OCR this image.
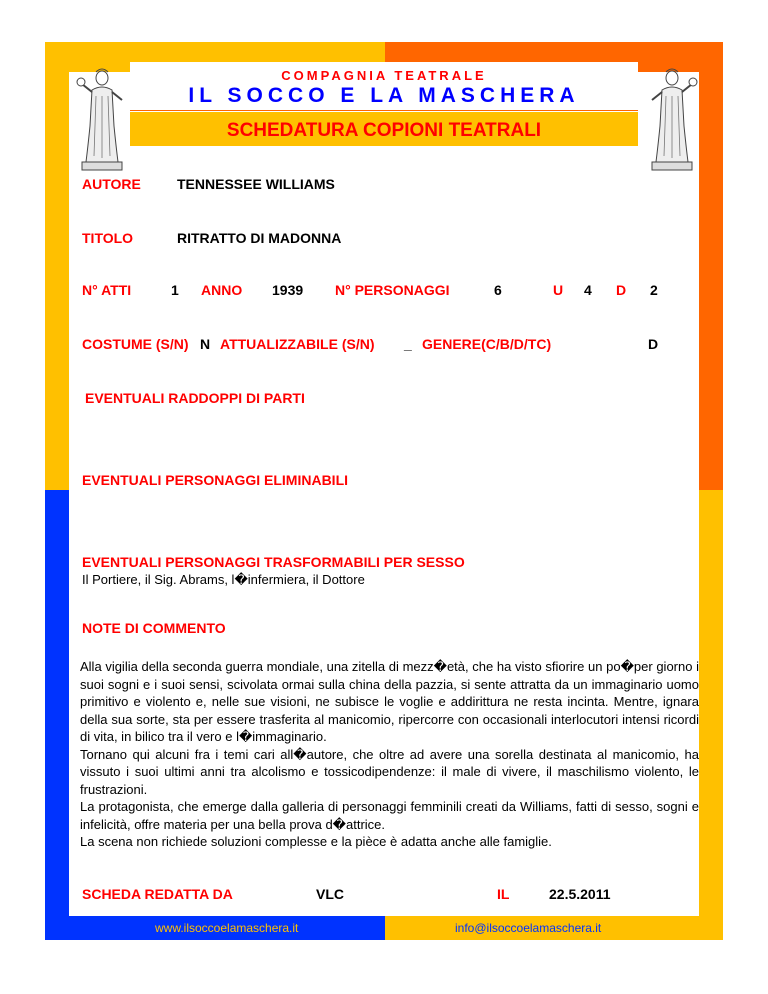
COMPAGNIA TEATRALE
IL SOCCO E LA MASCHERA
SCHEDATURA COPIONI TEATRALI
AUTORE	TENNESSEE WILLIAMS
TITOLO	RITRATTO DI MADONNA
N° ATTI	1 ANNO 1939 N° PERSONAGGI	6	U 4 D 2
COSTUME (S/N) N ATTUALIZZABILE (S/N) _ GENERE(C/B/D/TC)	D
EVENTUALI RADDOPPI DI PARTI
EVENTUALI PERSONAGGI ELIMINABILI
EVENTUALI PERSONAGGI TRASFORMABILI PER SESSO
Il Portiere, il Sig. Abrams, l�infermiera, il Dottore
NOTE DI COMMENTO

Alla vigilia della seconda guerra mondiale, una zitella di mezz�età, che ha visto sfiorire un po�per giorno i suoi sogni e i suoi sensi, scivolata ormai sulla china della pazzia, si sente attratta da un immaginario uomo primitivo e violento e, nelle sue visioni, ne subisce le voglie e addirittura ne resta incinta. Mentre, ignara della sua sorte, sta per essere trasferita al manicomio, ripercorre con occasionali interlocutori intensi ricordi di vita, in bilico tra il vero e l�immaginario.

Tornano qui alcuni fra i temi cari all�autore, che oltre ad avere una sorella destinata al manicomio, ha vissuto i suoi ultimi anni tra alcolismo e tossicodipendenze: il male di vivere, il maschilismo violento, le frustrazioni.

La protagonista, che emerge dalla galleria di personaggi femminili creati da Williams, fatti di sesso, sogni e infelicità, offre materia per una bella prova d�attrice.

La scena non richiede soluzioni complesse e la pièce è adatta anche alle famiglie.

SCHEDA REDATTA DA	VLC	IL	22.5.2011
www.ilsoccoelamaschera.it	info@ilsoccoelamaschera.it
